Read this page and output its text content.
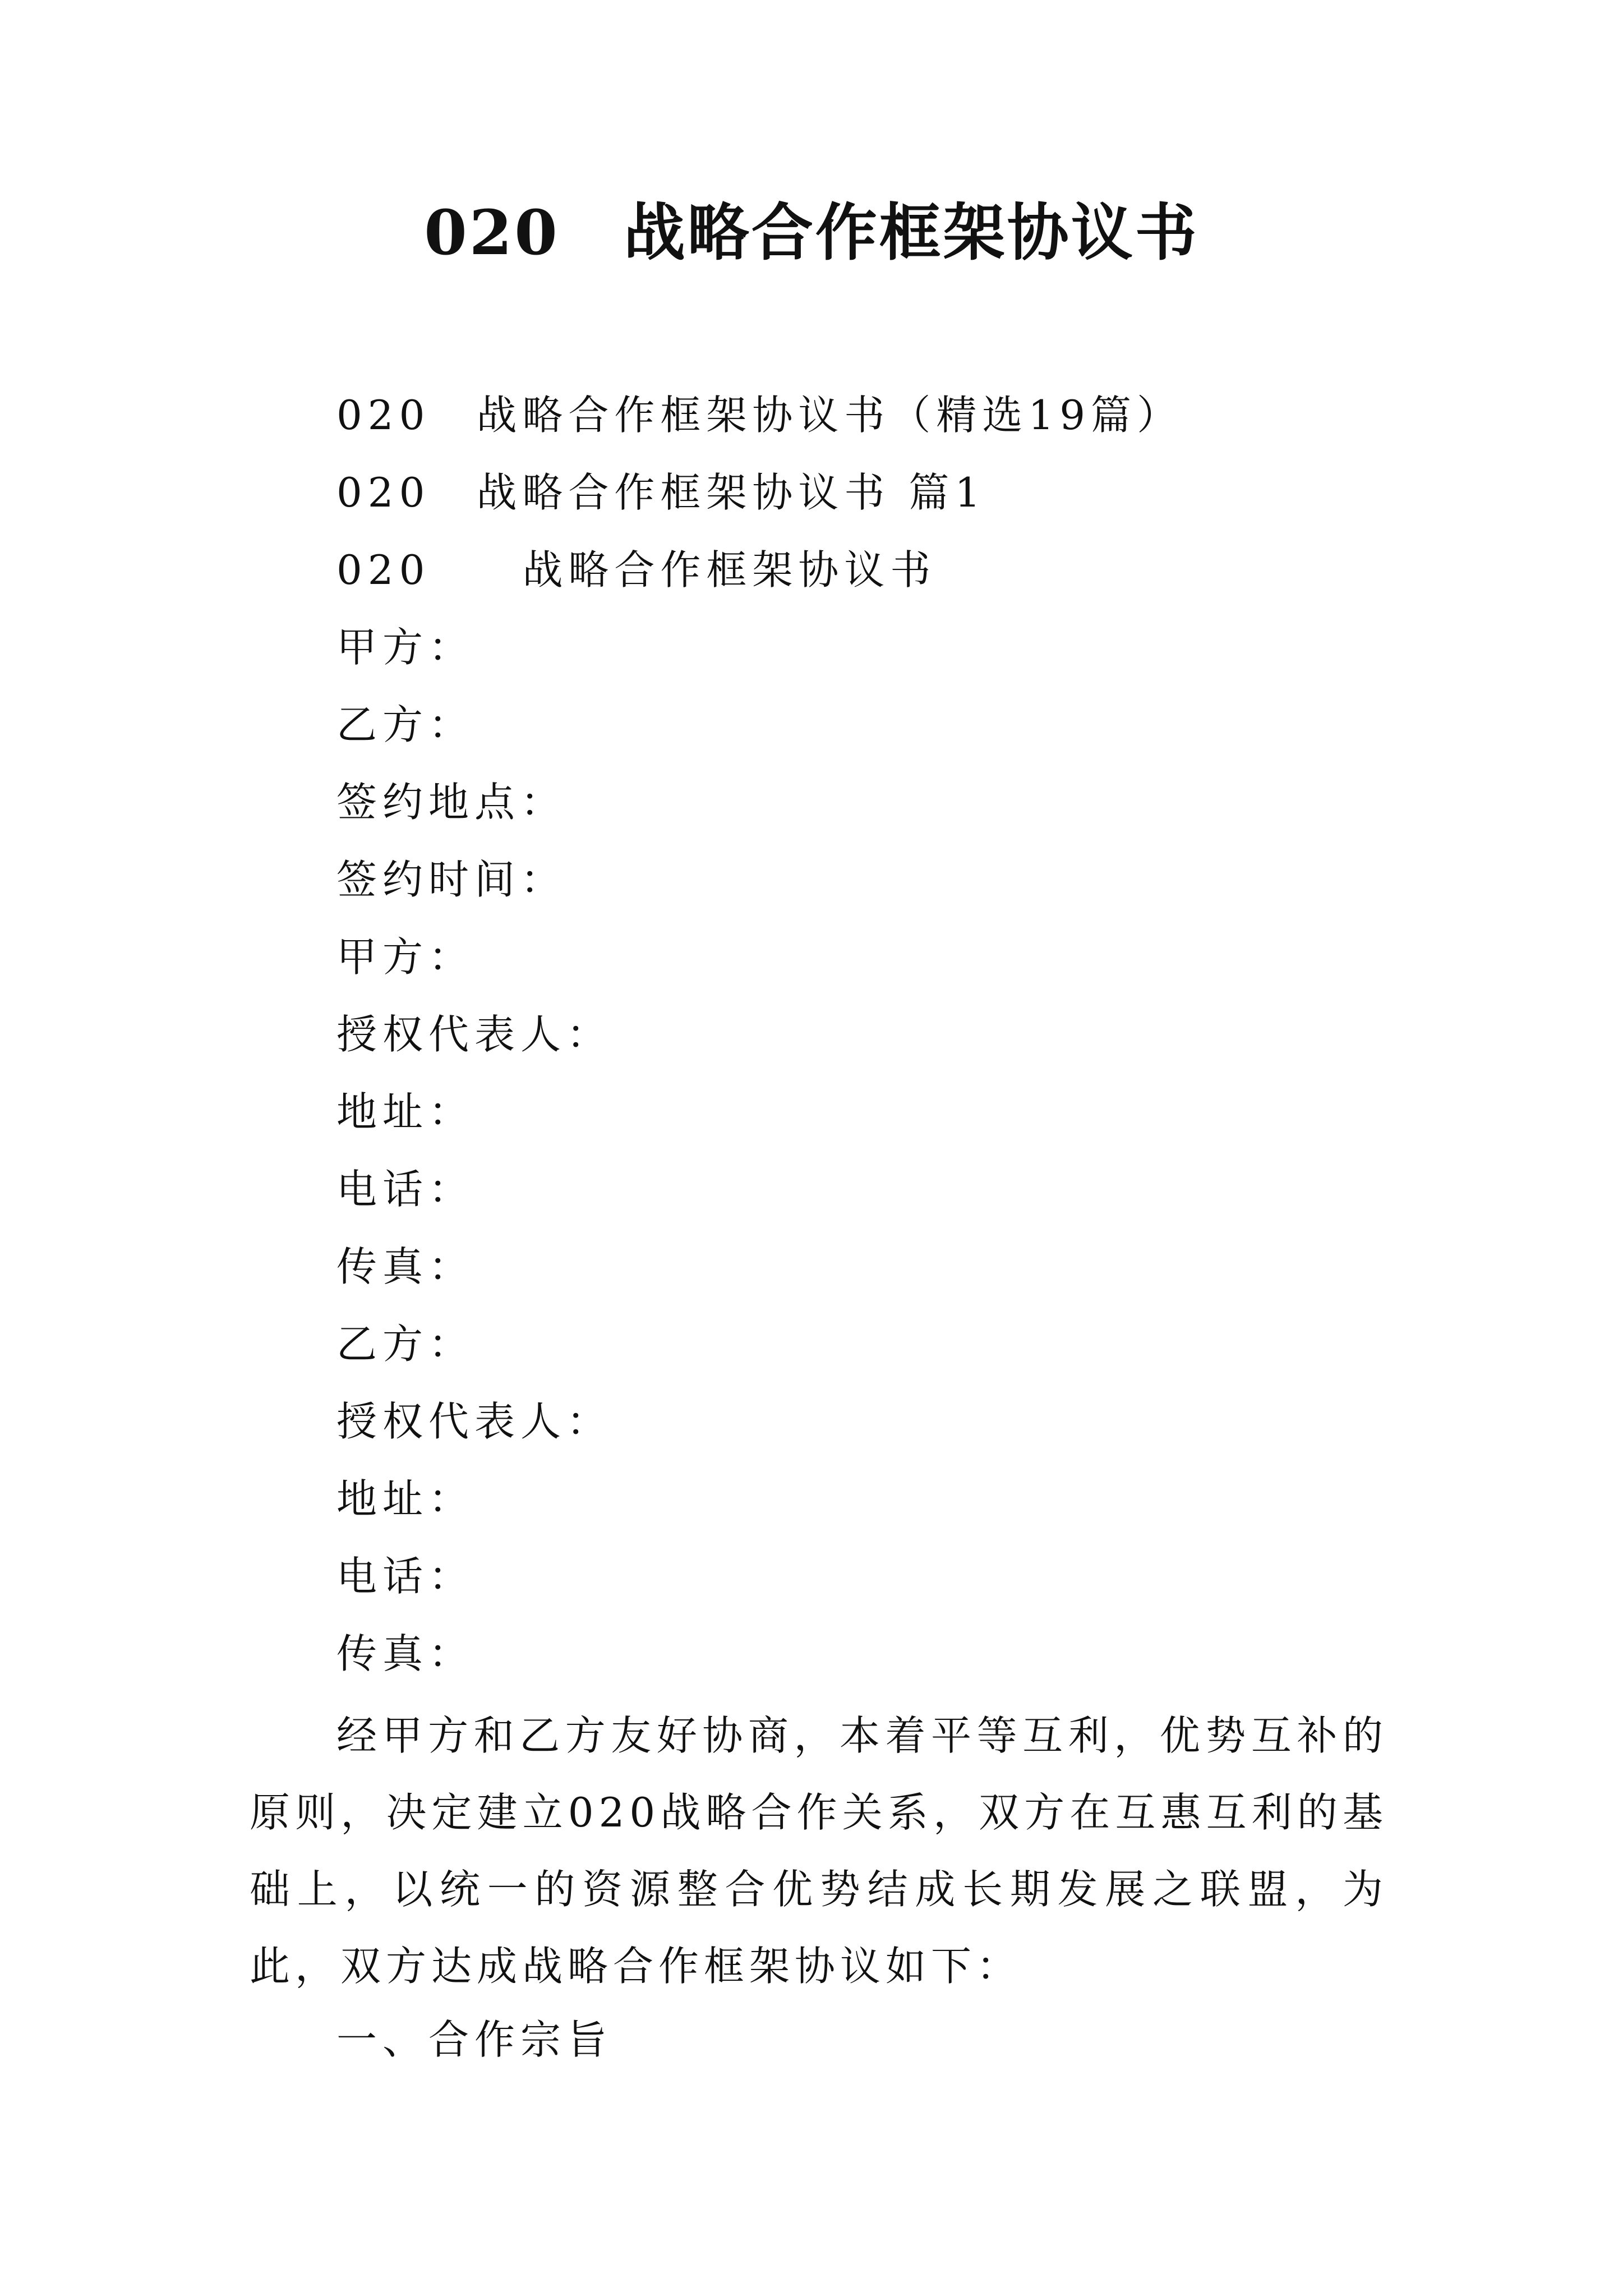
020　战略合作框架协议书

020　战略合作框架协议书（精选19篇）

020　战略合作框架协议书 篇1

020　　战略合作框架协议书

甲方：

乙方：

签约地点：

签约时间：

甲方：

授权代表人：

地址：

电话：

传真：

乙方：

授权代表人：

地址：

电话：

传真：

经甲方和乙方友好协商，本着平等互利，优势互补的原则，决定建立020战略合作关系，双方在互惠互利的基础上，以统一的资源整合优势结成长期发展之联盟，为此，双方达成战略合作框架协议如下：

一、合作宗旨
